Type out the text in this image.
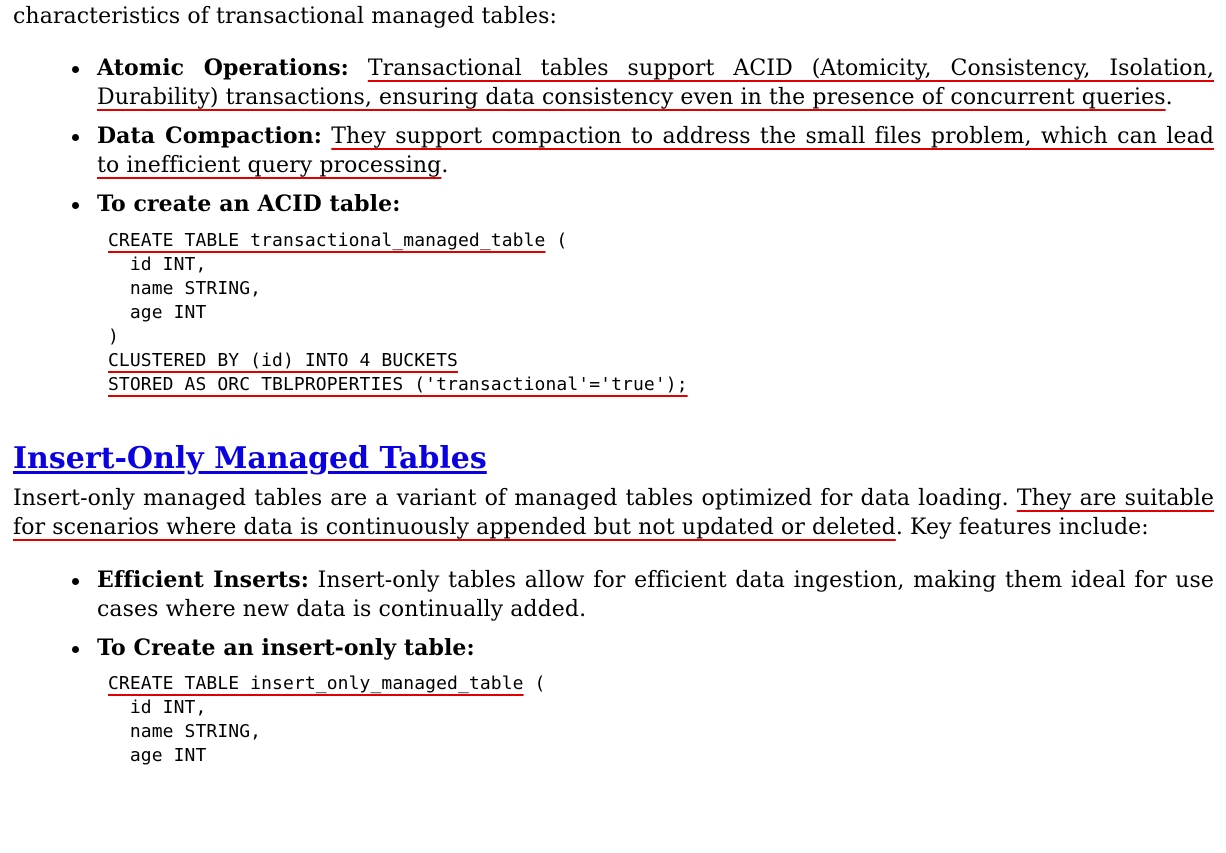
characteristics of transactional managed tables:

Atomic Operations: Transactional tables support ACID (Atomicity, Consistency, Isolation, Durability) transactions, ensuring data consistency even in the presence of concurrent queries.
Data Compaction: They support compaction to address the small files problem, which can lead to inefficient query processing.
To create an ACID table:
CREATE TABLE transactional_managed_table (
id INT,
name STRING,
age INT
)
CLUSTERED BY (id) INTO 4 BUCKETS
STORED AS ORC TBLPROPERTIES ('transactional'='true');
Insert-Only Managed Tables

Insert-only managed tables are a variant of managed tables optimized for data loading. They are suitable for scenarios where data is continuously appended but not updated or deleted. Key features include:

Efficient Inserts: Insert-only tables allow for efficient data ingestion, making them ideal for use cases where new data is continually added.
To Create an insert-only table:
CREATE TABLE insert_only_managed_table (
id INT,
name STRING,
age INT
